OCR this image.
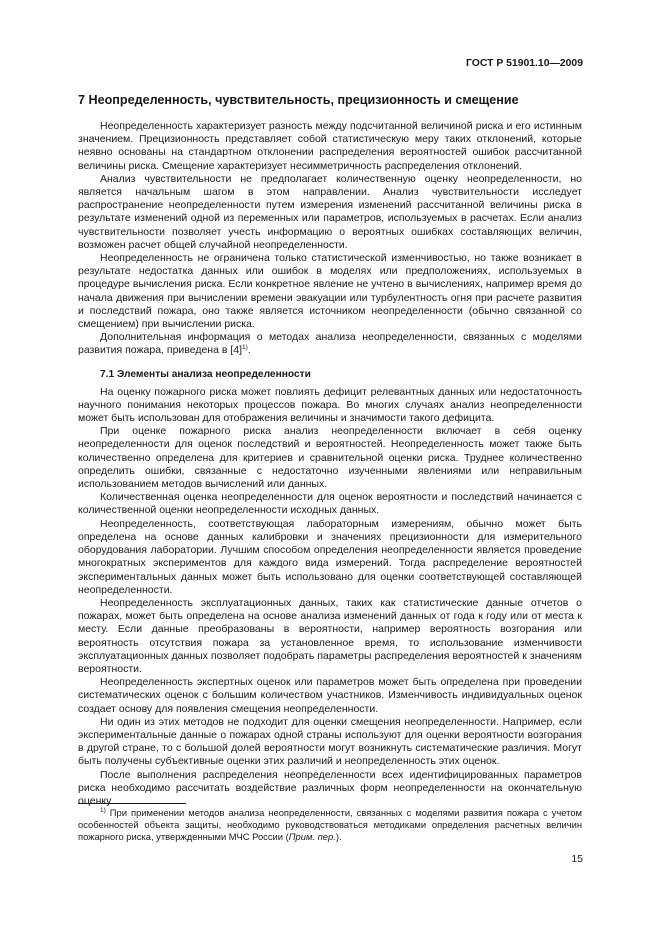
ГОСТ Р 51901.10—2009
7 Неопределенность, чувствительность, прецизионность и смещение

Неопределенность характеризует разность между подсчитанной величиной риска и его истинным значением. Прецизионность представляет собой статистическую меру таких отклонений, которые неявно основаны на стандартном отклонении распределения вероятностей ошибок рассчитанной величины риска. Смещение характеризует несимметричность распределения отклонений.

Анализ чувствительности не предполагает количественную оценку неопределенности, но является начальным шагом в этом направлении. Анализ чувствительности исследует распространение неопределенности путем измерения изменений рассчитанной величины риска в результате изменений одной из переменных или параметров, используемых в расчетах. Если анализ чувствительности позволяет учесть информацию о вероятных ошибках составляющих величин, возможен расчет общей случайной неопределенности.

Неопределенность не ограничена только статистической изменчивостью, но также возникает в результате недостатка данных или ошибок в моделях или предположениях, используемых в процедуре вычисления риска. Если конкретное явление не учтено в вычислениях, например время до начала движения при вычислении времени эвакуации или турбулентность огня при расчете развития и последствий пожара, оно также является источником неопределенности (обычно связанной со смещением) при вычислении риска.

Дополнительная информация о методах анализа неопределенности, связанных с моделями развития пожара, приведена в $[4]^{1)}$.

7.1 Элементы анализа неопределенности

На оценку пожарного риска может повлиять дефицит релевантных данных или недостаточность научного понимания некоторых процессов пожара. Во многих случаях анализ неопределенности может быть использован для отображения величины и значимости такого дефицита.

При оценке пожарного риска анализ неопределенности включает в себя оценку неопределенности для оценок последствий и вероятностей. Неопределенность может также быть количественно определена для критериев и сравнительной оценки риска. Труднее количественно определить ошибки, связанные с недостаточно изученными явлениями или неправильным использованием методов вычислений или данных.

Количественная оценка неопределенности для оценок вероятности и последствий начинается с количественной оценки неопределенности исходных данных.

Неопределенность, соответствующая лабораторным измерениям, обычно может быть определена на основе данных калибровки и значениях прецизионности для измерительного оборудования лаборатории. Лучшим способом определения неопределенности является проведение многократных экспериментов для каждого вида измерений. Тогда распределение вероятностей экспериментальных данных может быть использовано для оценки соответствующей составляющей неопределенности.

Неопределенность эксплуатационных данных, таких как статистические данные отчетов о пожарах, может быть определена на основе анализа изменений данных от года к году или от места к месту. Если данные преобразованы в вероятности, например вероятность возгорания или вероятность отсутствия пожара за установленное время, то использование изменчивости эксплуатационных данных позволяет подобрать параметры распределения вероятностей к значениям вероятности.

Неопределенность экспертных оценок или параметров может быть определена при проведении систематических оценок с большим количеством участников. Изменчивость индивидуальных оценок создает основу для появления смещения неопределенности.

Ни один из этих методов не подходит для оценки смещения неопределенности. Например, если экспериментальные данные о пожарах одной страны используют для оценки вероятности возгорания в другой стране, то с большой долей вероятности могут возникнуть систематические различия. Могут быть получены субъективные оценки этих различий и неопределенность этих оценок.

После выполнения распределения неопределенности всех идентифицированных параметров риска необходимо рассчитать воздействие различных форм неопределенности на окончательную оценку

$^{1)}$ При применении методов анализа неопределенности, связанных с моделями развития пожара с учетом особенностей объекта защиты, необходимо руководствоваться методиками определения расчетных величин пожарного риска, утвержденными МЧС России (Прим. пер.).
15
